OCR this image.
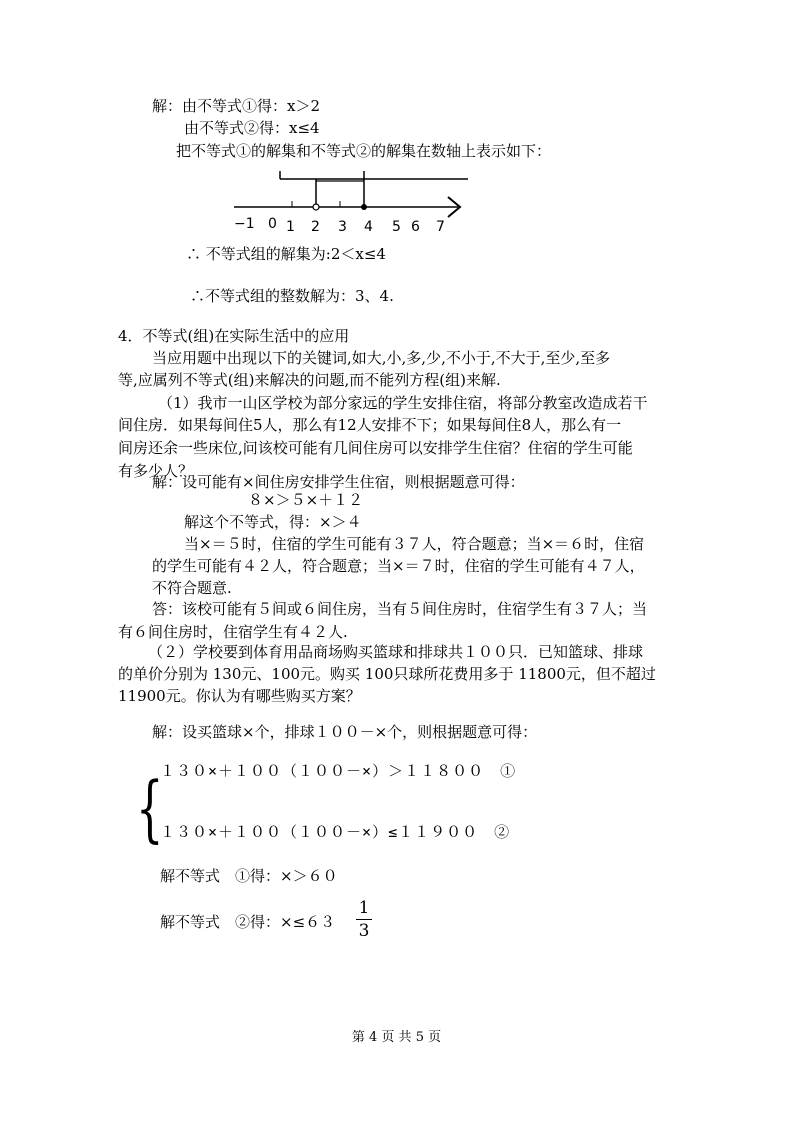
解：由不等式①得：x＞2
由不等式②得：x≤4
把不等式①的解集和不等式②的解集在数轴上表示如下：
−1 0 1 2 3 4 5 6 7
∴ 不等式组的解集为:2＜x≤4
∴不等式组的整数解为：3、4.
4．不等式(组)在实际生活中的应用
当应用题中出现以下的关键词,如大,小,多,少,不小于,不大于,至少,至多
等,应属列不等式(组)来解决的问题,而不能列方程(组)来解.
（1）我市一山区学校为部分家远的学生安排住宿，将部分教室改造成若干
间住房．如果每间住5人，那么有12人安排不下；如果每间住8人，那么有一
间房还余一些床位,问该校可能有几间住房可以安排学生住宿？住宿的学生可能
有多少人？
解：设可能有×间住房安排学生住宿，则根据题意可得：
８×＞５×＋１２
解这个不等式，得：×＞４
当×＝５时，住宿的学生可能有３７人，符合题意；当×＝６时，住宿
的学生可能有４２人，符合题意；当×＝７时，住宿的学生可能有４７人，
不符合题意.
答：该校可能有５间或６间住房，当有５间住房时，住宿学生有３７人；当
有６间住房时，住宿学生有４２人.
（２）学校要到体育用品商场购买篮球和排球共１００只．已知篮球、排球
的单价分别为 130元、100元。购买 100只球所花费用多于 11800元，但不超过
11900元。你认为有哪些购买方案？
解：设买篮球×个，排球１００－×个，则根据题意可得：
{
１３０×＋１００（１００－×）＞１１８００　①
１３０×＋１００（１００－×）≤１１９００　②
解不等式　①得：×＞６０
解不等式　②得：×≤６３
1
3
第 4 页 共 5 页
